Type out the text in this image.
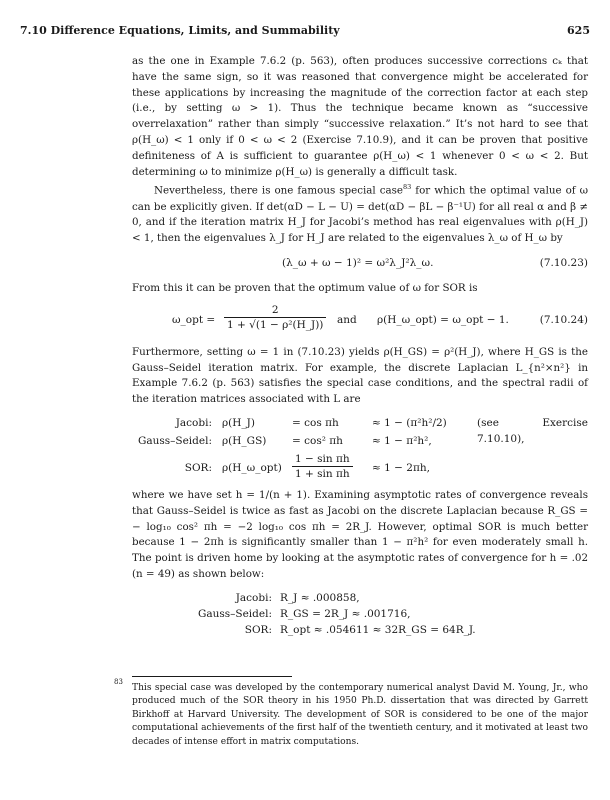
7.10 Difference Equations, Limits, and Summability	625

as the one in Example 7.6.2 (p. 563), often produces successive corrections cₖ that have the same sign, so it was reasoned that convergence might be accelerated for these applications by increasing the magnitude of the correction factor at each step (i.e., by setting ω > 1). Thus the technique became known as “successive overrelaxation” rather than simply “successive relaxation.” It’s not hard to see that ρ(H_ω) < 1 only if 0 < ω < 2 (Exercise 7.10.9), and it can be proven that positive definiteness of A is sufficient to guarantee ρ(H_ω) < 1 whenever 0 < ω < 2. But determining ω to minimize ρ(H_ω) is generally a difficult task.

Nevertheless, there is one famous special case$^{83}$ for which the optimal value of ω can be explicitly given. If det(αD − L − U) = det(αD − βL − β⁻¹U) for all real α and β ≠ 0, and if the iteration matrix H_J for Jacobi’s method has real eigenvalues with ρ(H_J) < 1, then the eigenvalues λ_J for H_J are related to the eigenvalues λ_ω of H_ω by

(λ_ω + ω − 1)² = ω²λ_J²λ_ω.	(7.10.23)

From this it can be proven that the optimum value of ω for SOR is

ω_opt = $\frac{2}{\text{1 + √(1 − ρ²(H\_J))}}$ and ρ(H_ω_opt) = ω_opt − 1.	(7.10.24)

Furthermore, setting ω = 1 in (7.10.23) yields ρ(H_GS) = ρ²(H_J), where H_GS is the Gauss–Seidel iteration matrix. For example, the discrete Laplacian L_{n²×n²} in Example 7.6.2 (p. 563) satisfies the special case conditions, and the spectral radii of the iteration matrices associated with L are

Jacobi: ρ(H_J)	= cos πh	≈ 1 − (π²h²/2)	(see Exercise 7.10.10),
Gauss–Seidel: ρ(H_GS) = cos² πh	≈ 1 − π²h²,
SOR: ρ(H_ω_opt) $\frac{\text{1 − sin πh}}{\text{1 + sin πh}} \approx 1 - 2\pi h$,

where we have set h = 1/(n + 1). Examining asymptotic rates of convergence reveals that Gauss–Seidel is twice as fast as Jacobi on the discrete Laplacian because R_GS = − log₁₀ cos² πh = −2 log₁₀ cos πh = 2R_J. However, optimal SOR is much better because 1 − 2πh is significantly smaller than 1 − π²h² for even moderately small h. The point is driven home by looking at the asymptotic rates of convergence for h = .02 (n = 49) as shown below:

Jacobi: R_J ≈ .000858,
Gauss–Seidel: R_GS = 2R_J ≈ .001716,
SOR: R_opt ≈ .054611 ≈ 32R_GS = 64R_J.
83
This special case was developed by the contemporary numerical analyst David M. Young, Jr., who produced much of the SOR theory in his 1950 Ph.D. dissertation that was directed by Garrett Birkhoff at Harvard University. The development of SOR is considered to be one of the major computational achievements of the first half of the twentieth century, and it motivated at least two decades of intense effort in matrix computations.
